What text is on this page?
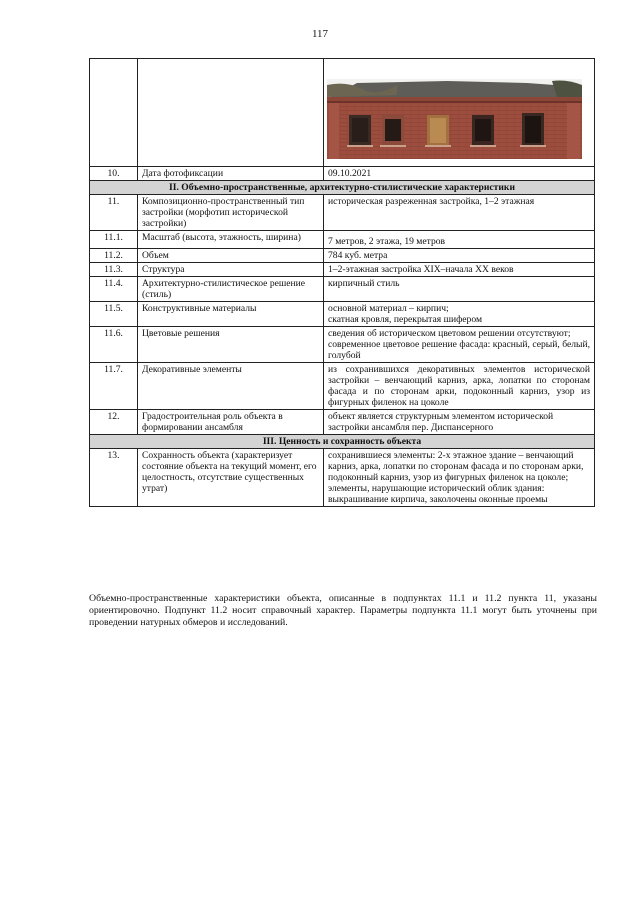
117

10.	Дата фотофиксации	09.10.2021
II. Объемно-пространственные, архитектурно-стилистические характеристики		
11.	Композиционно-пространственный тип застройки (морфотип исторической застройки)	историческая разреженная застройка, 1–2 этажная
11.1.	Масштаб (высота, этажность, ширина)	7 метров, 2 этажа, 19 метров
11.2.	Объем	784 куб. метра
11.3.	Структура	1–2-этажная застройка XIX–начала XX веков
11.4.	Архитектурно-стилистическое решение (стиль)	кирпичный стиль
11.5.	Конструктивные материалы	основной материал – кирпич;
скатная кровля, перекрытая шифером

11.6.	Цветовые решения	сведения об историческом цветовом решении отсутствуют;
современное цветовое решение фасада: красный, серый, белый, голубой

11.7.	Декоративные элементы	из сохранившихся декоративных элементов исторической застройки – венчающий карниз, арка, лопатки по сторонам фасада и по сторонам арки, подоконный карниз, узор из фигурных филенок на цоколе
12.	Градостроительная роль объекта в формировании ансамбля	объект является структурным элементом исторической застройки ансамбля пер. Диспансерного
III. Ценность и сохранность объекта		
13.	Сохранность объекта (характеризует состояние объекта на текущий момент, его целостность, отсутствие существенных утрат)	сохранившиеся элементы: 2-х этажное здание – венчающий карниз, арка, лопатки по сторонам фасада и по сторонам арки, подоконный карниз, узор из фигурных филенок на цоколе;
элементы, нарушающие исторический облик здания: выкрашивание кирпича, заколочены оконные проемы

Объемно-пространственные характеристики объекта, описанные в подпунктах 11.1 и 11.2 пункта 11, указаны ориентировочно. Подпункт 11.2 носит справочный характер. Параметры подпункта 11.1 могут быть уточнены при проведении натурных обмеров и исследований.
